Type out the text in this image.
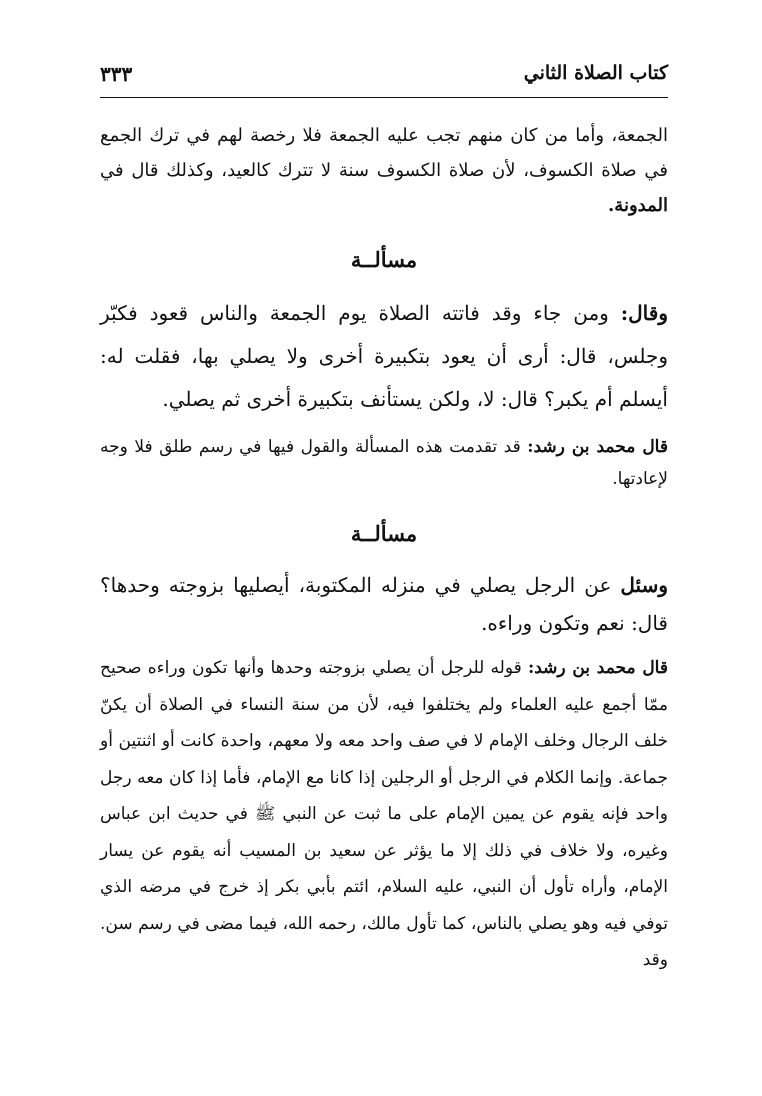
كتاب الصلاة الثاني
٣٣٣

الجمعة، وأما من كان منهم تجب عليه الجمعة فلا رخصة لهم في ترك الجمع في صلاة الكسوف، لأن صلاة الكسوف سنة لا تترك كالعيد، وكذلك قال في المدونة.

مسألــة

وقال: ومن جاء وقد فاتته الصلاة يوم الجمعة والناس قعود فكبّر وجلس، قال: أرى أن يعود بتكبيرة أخرى ولا يصلي بها، فقلت له: أيسلم أم يكبر؟ قال: لا، ولكن يستأنف بتكبيرة أخرى ثم يصلي.

قال محمد بن رشد: قد تقدمت هذه المسألة والقول فيها في رسم طلق فلا وجه لإعادتها.

مسألــة

وسئل عن الرجل يصلي في منزله المكتوبة، أيصليها بزوجته وحدها؟ قال: نعم وتكون وراءه.

قال محمد بن رشد: قوله للرجل أن يصلي بزوجته وحدها وأنها تكون وراءه صحيح ممّا أجمع عليه العلماء ولم يختلفوا فيه، لأن من سنة النساء في الصلاة أن يكنّ خلف الرجال وخلف الإمام لا في صف واحد معه ولا معهم، واحدة كانت أو اثنتين أو جماعة. وإنما الكلام في الرجل أو الرجلين إذا كانا مع الإمام، فأما إذا كان معه رجل واحد فإنه يقوم عن يمين الإمام على ما ثبت عن النبي ﷺ في حديث ابن عباس وغيره، ولا خلاف في ذلك إلا ما يؤثر عن سعيد بن المسيب أنه يقوم عن يسار الإمام، وأراه تأول أن النبي، عليه السلام، ائتم بأبي بكر إذ خرج في مرضه الذي توفي فيه وهو يصلي بالناس، كما تأول مالك، رحمه الله، فيما مضى في رسم سن. وقد
